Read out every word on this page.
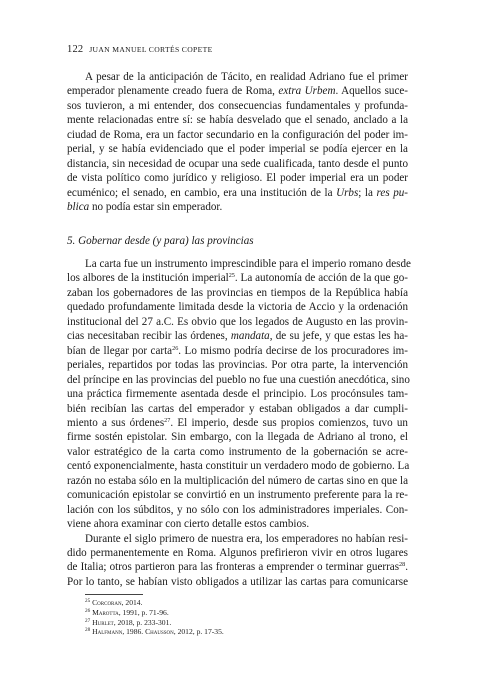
122 JUAN MANUEL CORTÉS COPETE
A pesar de la anticipación de Tácito, en realidad Adriano fue el primer
emperador plenamente creado fuera de Roma, extra Urbem. Aquellos suce-
sos tuvieron, a mi entender, dos consecuencias fundamentales y profunda-
mente relacionadas entre sí: se había desvelado que el senado, anclado a la
ciudad de Roma, era un factor secundario en la configuración del poder im-
perial, y se había evidenciado que el poder imperial se podía ejercer en la
distancia, sin necesidad de ocupar una sede cualificada, tanto desde el punto
de vista político como jurídico y religioso. El poder imperial era un poder
ecuménico; el senado, en cambio, era una institución de la Urbs; la res pu-
blica no podía estar sin emperador.
5. Gobernar desde (y para) las provincias
La carta fue un instrumento imprescindible para el imperio romano desde
los albores de la institución imperial$^{25}$. La autonomía de acción de la que go-
zaban los gobernadores de las provincias en tiempos de la República había
quedado profundamente limitada desde la victoria de Accio y la ordenación
institucional del 27 a.C. Es obvio que los legados de Augusto en las provin-
cias necesitaban recibir las órdenes, mandata, de su jefe, y que estas les ha-
bían de llegar por carta$^{26}$. Lo mismo podría decirse de los procuradores im-
periales, repartidos por todas las provincias. Por otra parte, la intervención
del príncipe en las provincias del pueblo no fue una cuestión anecdótica, sino
una práctica firmemente asentada desde el principio. Los procónsules tam-
bién recibían las cartas del emperador y estaban obligados a dar cumpli-
miento a sus órdenes$^{27}$. El imperio, desde sus propios comienzos, tuvo un
firme sostén epistolar. Sin embargo, con la llegada de Adriano al trono, el
valor estratégico de la carta como instrumento de la gobernación se acre-
centó exponencialmente, hasta constituir un verdadero modo de gobierno. La
razón no estaba sólo en la multiplicación del número de cartas sino en que la
comunicación epistolar se convirtió en un instrumento preferente para la re-
lación con los súbditos, y no sólo con los administradores imperiales. Con-
viene ahora examinar con cierto detalle estos cambios.
Durante el siglo primero de nuestra era, los emperadores no habían resi-
dido permanentemente en Roma. Algunos prefirieron vivir en otros lugares
de Italia; otros partieron para las fronteras a emprender o terminar guerras$^{28}$.
Por lo tanto, se habían visto obligados a utilizar las cartas para comunicarse
$^{25}$ Corcoran, 2014.
$^{26}$ Marotta, 1991, p. 71-96.
$^{27}$ Hurlet, 2018, p. 233-301.
$^{28}$ Halfmann, 1986. Chausson, 2012, p. 17-35.
